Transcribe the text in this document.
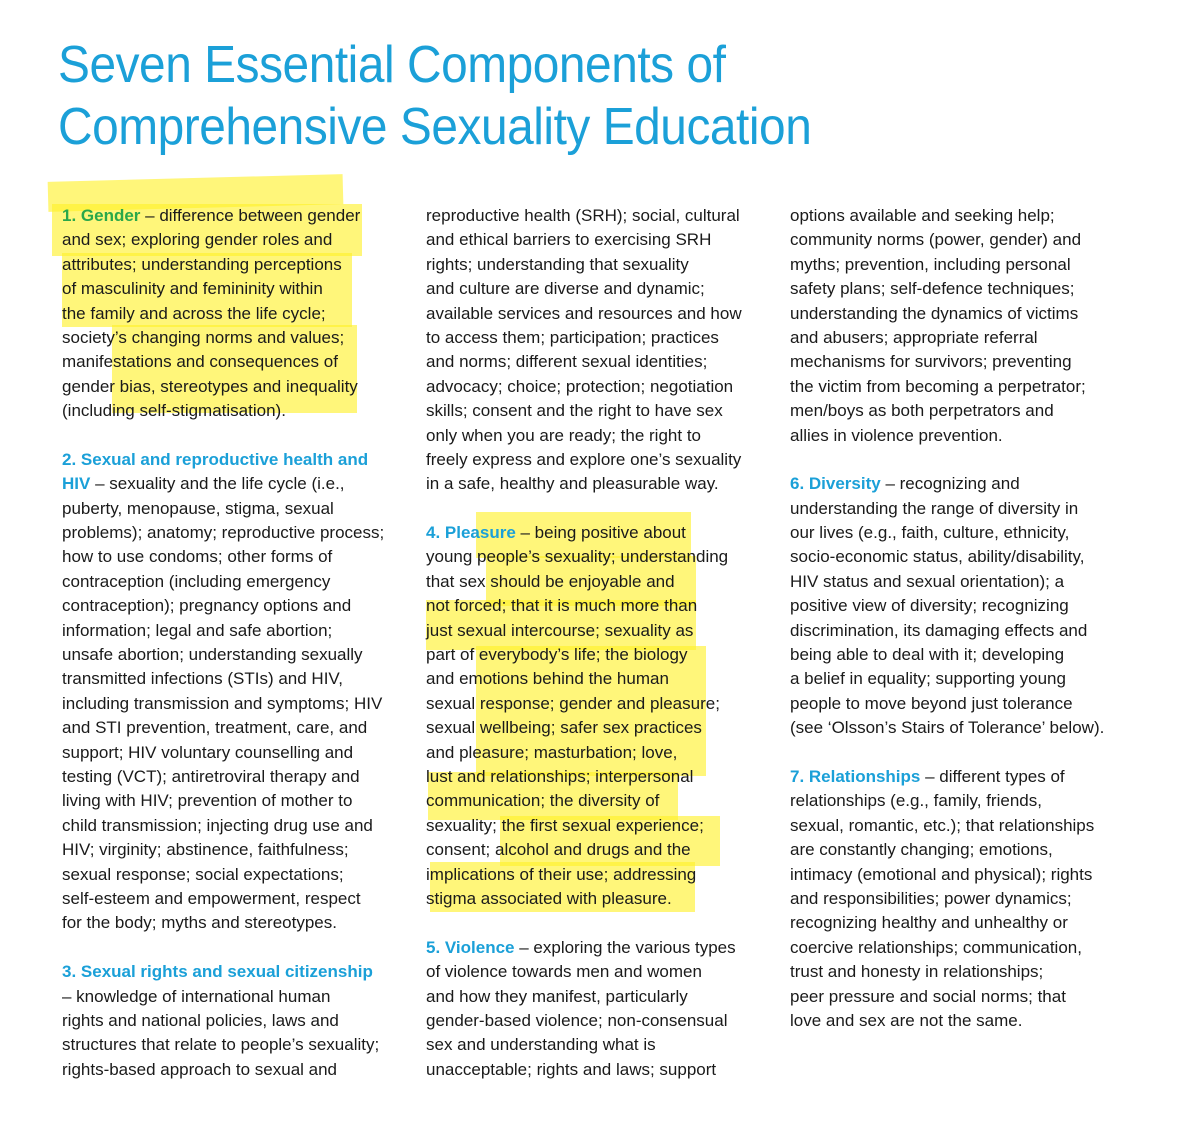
Seven Essential Components of
Comprehensive Sexuality Education
1. Gender – difference between gender
and sex; exploring gender roles and
attributes; understanding perceptions
of masculinity and femininity within
the family and across the life cycle;
society’s changing norms and values;
manifestations and consequences of
gender bias, stereotypes and inequality
(including self-stigmatisation).
2. Sexual and reproductive health and
HIV – sexuality and the life cycle (i.e.,
puberty, menopause, stigma, sexual
problems); anatomy; reproductive process;
how to use condoms; other forms of
contraception (including emergency
contraception); pregnancy options and
information; legal and safe abortion;
unsafe abortion; understanding sexually
transmitted infections (STIs) and HIV,
including transmission and symptoms; HIV
and STI prevention, treatment, care, and
support; HIV voluntary counselling and
testing (VCT); antiretroviral therapy and
living with HIV; prevention of mother to
child transmission; injecting drug use and
HIV; virginity; abstinence, faithfulness;
sexual response; social expectations;
self-esteem and empowerment, respect
for the body; myths and stereotypes.
3. Sexual rights and sexual citizenship
– knowledge of international human
rights and national policies, laws and
structures that relate to people’s sexuality;
rights-based approach to sexual and
reproductive health (SRH); social, cultural
and ethical barriers to exercising SRH
rights; understanding that sexuality
and culture are diverse and dynamic;
available services and resources and how
to access them; participation; practices
and norms; different sexual identities;
advocacy; choice; protection; negotiation
skills; consent and the right to have sex
only when you are ready; the right to
freely express and explore one’s sexuality
in a safe, healthy and pleasurable way.
4. Pleasure – being positive about
young people’s sexuality; understanding
that sex should be enjoyable and
not forced; that it is much more than
just sexual intercourse; sexuality as
part of everybody’s life; the biology
and emotions behind the human
sexual response; gender and pleasure;
sexual wellbeing; safer sex practices
and pleasure; masturbation; love,
lust and relationships; interpersonal
communication; the diversity of
sexuality; the first sexual experience;
consent; alcohol and drugs and the
implications of their use; addressing
stigma associated with pleasure.
5. Violence – exploring the various types
of violence towards men and women
and how they manifest, particularly
gender-based violence; non-consensual
sex and understanding what is
unacceptable; rights and laws; support
options available and seeking help;
community norms (power, gender) and
myths; prevention, including personal
safety plans; self-defence techniques;
understanding the dynamics of victims
and abusers; appropriate referral
mechanisms for survivors; preventing
the victim from becoming a perpetrator;
men/boys as both perpetrators and
allies in violence prevention.
6. Diversity – recognizing and
understanding the range of diversity in
our lives (e.g., faith, culture, ethnicity,
socio-economic status, ability/disability,
HIV status and sexual orientation); a
positive view of diversity; recognizing
discrimination, its damaging effects and
being able to deal with it; developing
a belief in equality; supporting young
people to move beyond just tolerance
(see ‘Olsson’s Stairs of Tolerance’ below).
7. Relationships – different types of
relationships (e.g., family, friends,
sexual, romantic, etc.); that relationships
are constantly changing; emotions,
intimacy (emotional and physical); rights
and responsibilities; power dynamics;
recognizing healthy and unhealthy or
coercive relationships; communication,
trust and honesty in relationships;
peer pressure and social norms; that
love and sex are not the same.
